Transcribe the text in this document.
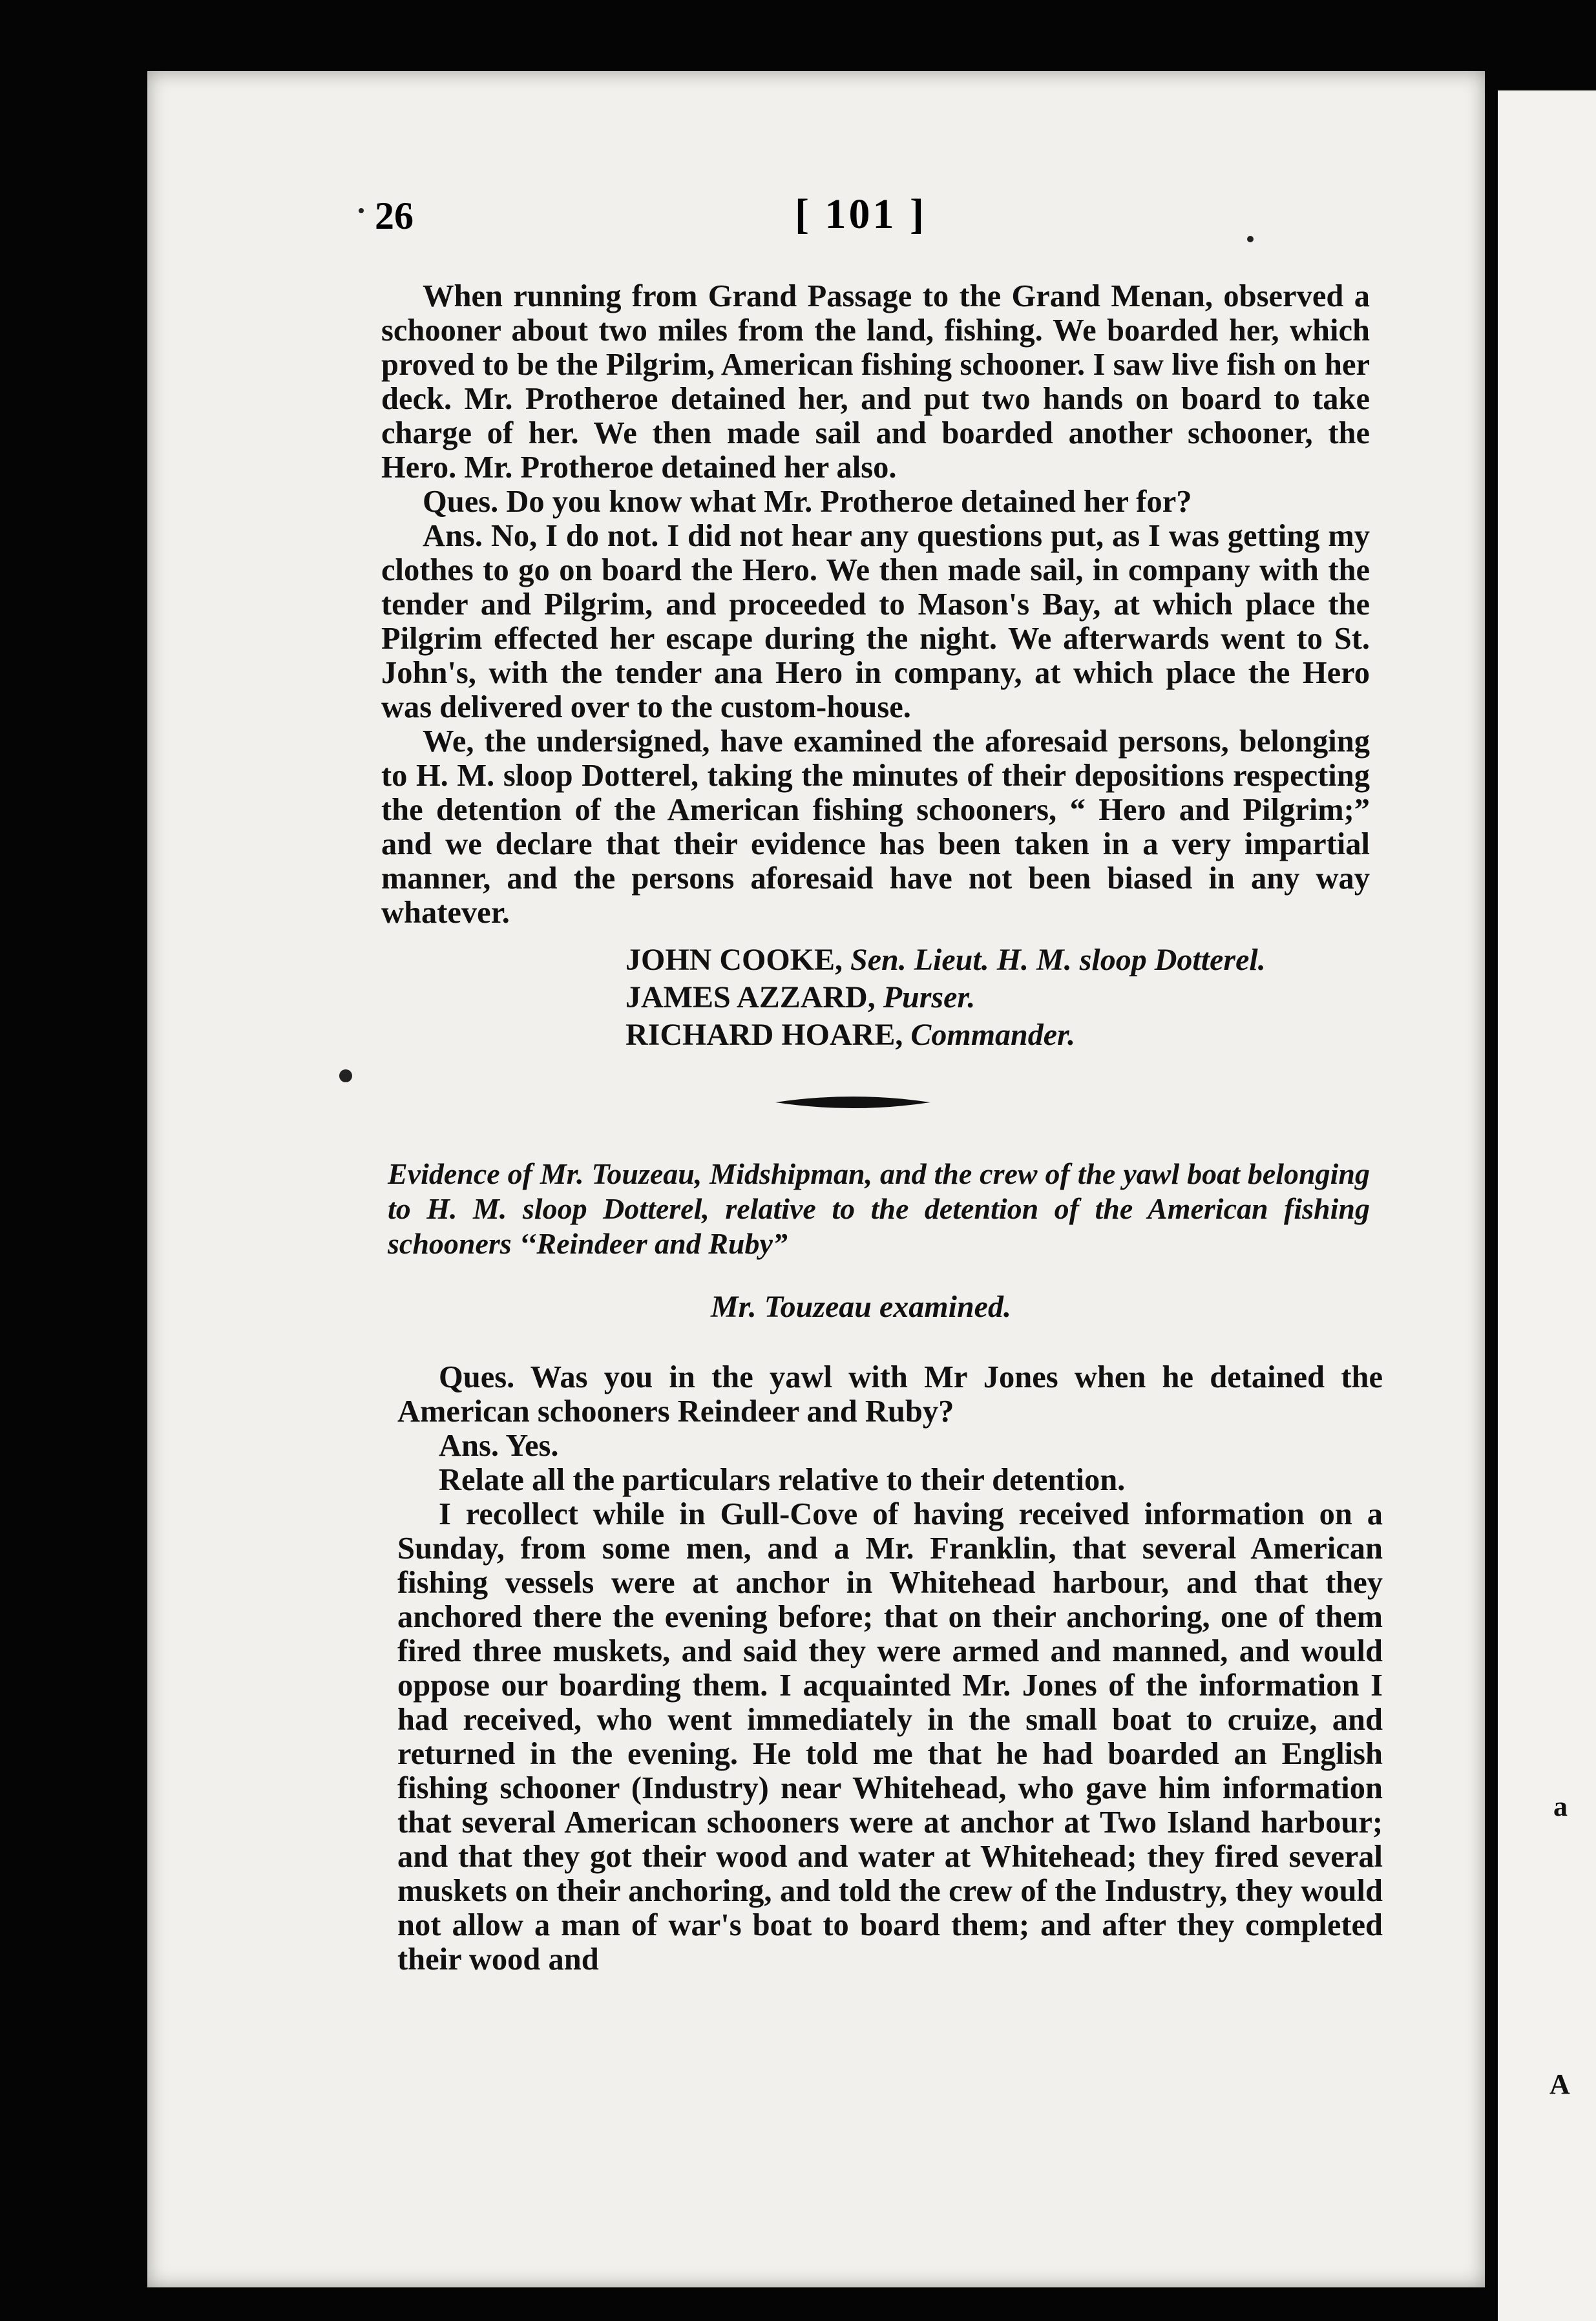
a
A
26	[ 101 ]

When running from Grand Passage to the Grand Menan, observed a schooner about two miles from the land, fishing. We boarded her, which proved to be the Pilgrim, American fishing schooner. I saw live fish on her deck. Mr. Protheroe detained her, and put two hands on board to take charge of her. We then made sail and boarded another schooner, the Hero. Mr. Protheroe detained her also.

Ques. Do you know what Mr. Protheroe detained her for?

Ans. No, I do not. I did not hear any questions put, as I was getting my clothes to go on board the Hero. We then made sail, in company with the tender and Pilgrim, and proceeded to Mason's Bay, at which place the Pilgrim effected her escape during the night. We afterwards went to St. John's, with the tender ana Hero in company, at which place the Hero was delivered over to the custom-house.

We, the undersigned, have examined the aforesaid persons, belonging to H. M. sloop Dotterel, taking the minutes of their depositions respecting the detention of the American fishing schooners, “ Hero and Pilgrim;” and we declare that their evidence has been taken in a very impartial manner, and the persons aforesaid have not been biased in any way whatever.

JOHN COOKE, Sen. Lieut. H. M. sloop Dotterel.
JAMES AZZARD, Purser.
RICHARD HOARE, Commander.

Evidence of Mr. Touzeau, Midshipman, and the crew of the yawl boat belonging to H. M. sloop Dotterel, relative to the detention of the American fishing schooners ‘‘Reindeer and Ruby”

Mr. Touzeau examined.

Ques. Was you in the yawl with Mr Jones when he detained the American schooners Reindeer and Ruby?

Ans. Yes.

Relate all the particulars relative to their detention.

I recollect while in Gull-Cove of having received information on a Sunday, from some men, and a Mr. Franklin, that several American fishing vessels were at anchor in Whitehead harbour, and that they anchored there the evening before; that on their anchoring, one of them fired three muskets, and said they were armed and manned, and would oppose our boarding them. I acquainted Mr. Jones of the information I had received, who went immediately in the small boat to cruize, and returned in the evening. He told me that he had boarded an English fishing schooner (Industry) near Whitehead, who gave him information that several American schooners were at anchor at Two Island harbour; and that they got their wood and water at Whitehead; they fired several muskets on their anchoring, and told the crew of the Industry, they would not allow a man of war's boat to board them; and after they completed their wood and
